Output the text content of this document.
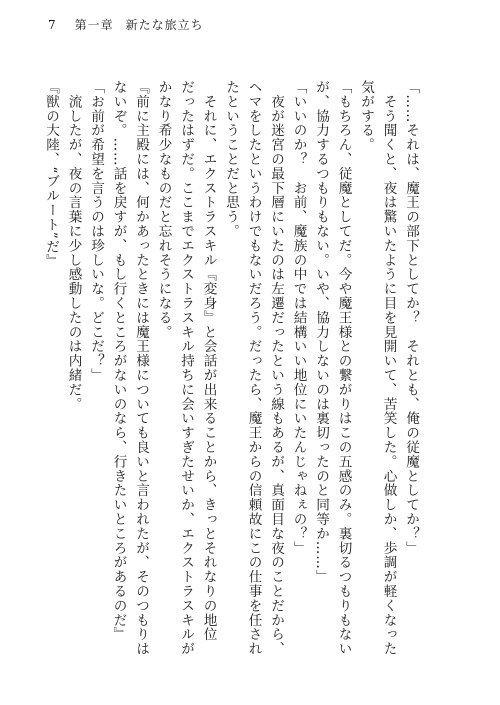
7 第一章 新たな旅立ち
「……それは、魔王の部下としてか？　それとも、俺の従魔としてか？」
　そう聞くと、夜は驚いたように目を見開いて、苦笑した。心做しか、歩調が軽くなった
気がする。
「もちろん、従魔としてだ。今や魔王様との繋がりはこの五感のみ。裏切るつもりもない
が、協力するつもりもない。いや、協力しないのは裏切ったのと同等か……」
「いいのか？　お前、魔族の中では結構いい地位にいたんじゃねぇの？」
　夜が迷宮の最下層にいたのは左遷だったという線もあるが、真面目な夜のことだから、
ヘマをしたというわけでもないだろう。だったら、魔王からの信頼故にこの仕事を任され
たということだと思う。
　それに、エクストラスキル『変身』と会話が出来ることから、きっとそれなりの地位
だったはずだ。ここまでエクストラスキル持ちに会いすぎたせいか、エクストラスキルが
かなり希少なものだと忘れそうになる。
『前に主殿には、何かあったときには魔王様についても良いと言われたが、そのつもりは
ないぞ。……話を戻すが、もし行くところがないのなら、行きたいところがあるのだ』
「お前が希望を言うのは珍しいな。どこだ？」
　流したが、夜の言葉に少し感動したのは内緒だ。
『獣の大陸、“ブルート”だ』
